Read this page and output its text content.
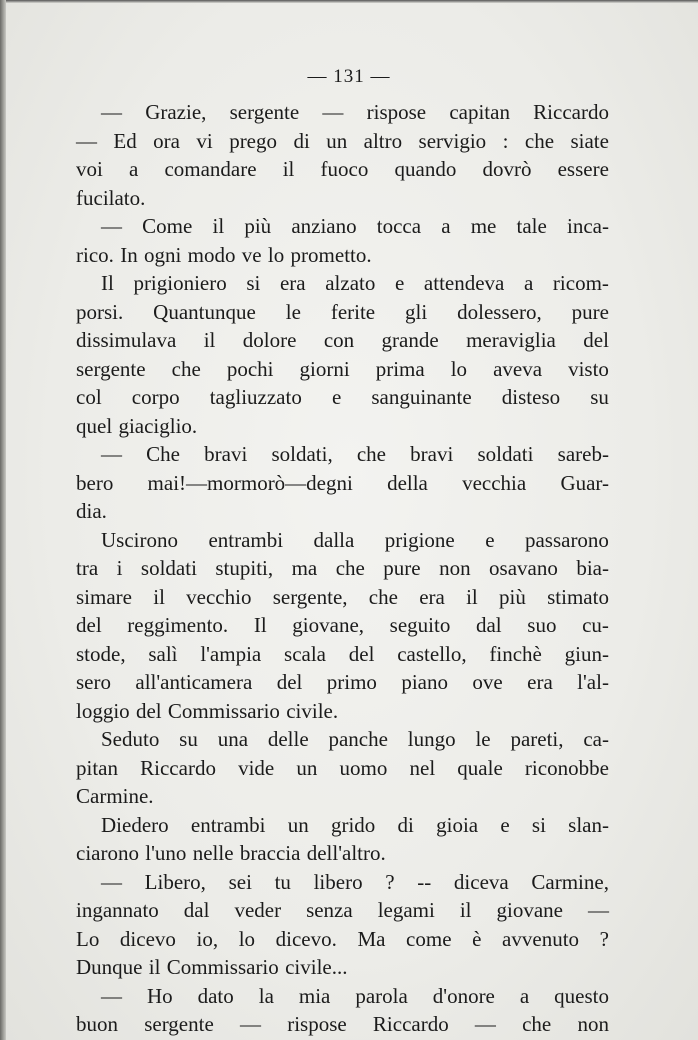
— 131 —
— Grazie, sergente — rispose capitan Riccardo
— Ed ora vi prego di un altro servigio : che siate
voi a comandare il fuoco quando dovrò essere
fucilato.
— Come il più anziano tocca a me tale inca-
rico. In ogni modo ve lo prometto.
Il prigioniero si era alzato e attendeva a ricom-
porsi. Quantunque le ferite gli dolessero, pure
dissimulava il dolore con grande meraviglia del
sergente che pochi giorni prima lo aveva visto
col corpo tagliuzzato e sanguinante disteso su
quel giaciglio.
— Che bravi soldati, che bravi soldati sareb-
bero mai!—mormorò—degni della vecchia Guar-
dia.
Uscirono entrambi dalla prigione e passarono
tra i soldati stupiti, ma che pure non osavano bia-
simare il vecchio sergente, che era il più stimato
del reggimento. Il giovane, seguito dal suo cu-
stode, salì l'ampia scala del castello, finchè giun-
sero all'anticamera del primo piano ove era l'al-
loggio del Commissario civile.
Seduto su una delle panche lungo le pareti, ca-
pitan Riccardo vide un uomo nel quale riconobbe
Carmine.
Diedero entrambi un grido di gioia e si slan-
ciarono l'uno nelle braccia dell'altro.
— Libero, sei tu libero ? -- diceva Carmine,
ingannato dal veder senza legami il giovane —
Lo dicevo io, lo dicevo. Ma come è avvenuto ?
Dunque il Commissario civile...
— Ho dato la mia parola d'onore a questo
buon sergente — rispose Riccardo — che non
